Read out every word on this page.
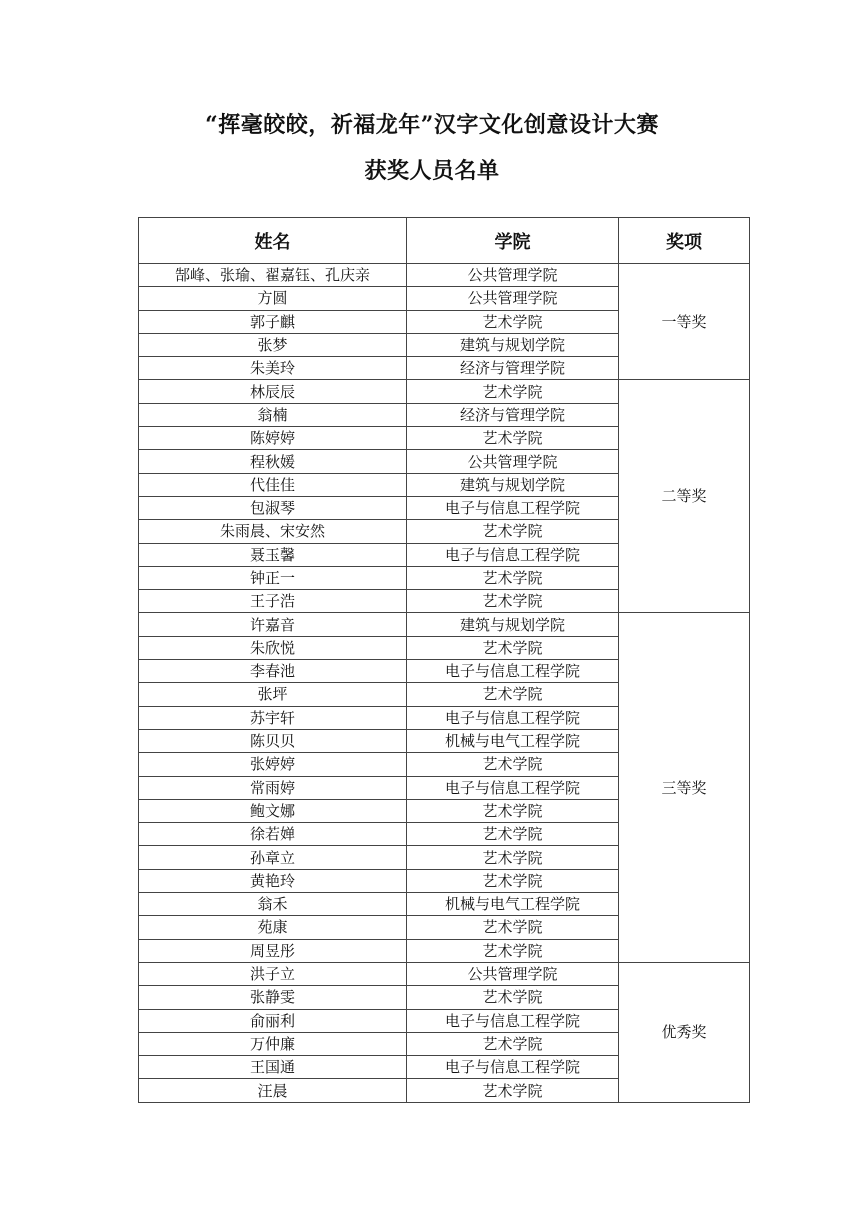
“挥毫皎皎，祈福龙年”汉字文化创意设计大赛
获奖人员名单
姓名	学院	奖项
郜峰、张瑜、翟嘉钰、孔庆亲	公共管理学院	一等奖
方圆	公共管理学院	
郭子麒	艺术学院	
张梦	建筑与规划学院	
朱美玲	经济与管理学院	
林辰辰	艺术学院	二等奖
翁楠	经济与管理学院	
陈婷婷	艺术学院	
程秋媛	公共管理学院	
代佳佳	建筑与规划学院	
包淑琴	电子与信息工程学院	
朱雨晨、宋安然	艺术学院	
聂玉馨	电子与信息工程学院	
钟正一	艺术学院	
王子浩	艺术学院	
许嘉音	建筑与规划学院	三等奖
朱欣悦	艺术学院	
李春池	电子与信息工程学院	
张坪	艺术学院	
苏宇轩	电子与信息工程学院	
陈贝贝	机械与电气工程学院	
张婷婷	艺术学院	
常雨婷	电子与信息工程学院	
鲍文娜	艺术学院	
徐若婵	艺术学院	
孙章立	艺术学院	
黄艳玲	艺术学院	
翁禾	机械与电气工程学院	
苑康	艺术学院	
周昱彤	艺术学院	
洪子立	公共管理学院	优秀奖
张静雯	艺术学院	
俞丽利	电子与信息工程学院	
万仲廉	艺术学院	
王国通	电子与信息工程学院	
汪晨	艺术学院	
